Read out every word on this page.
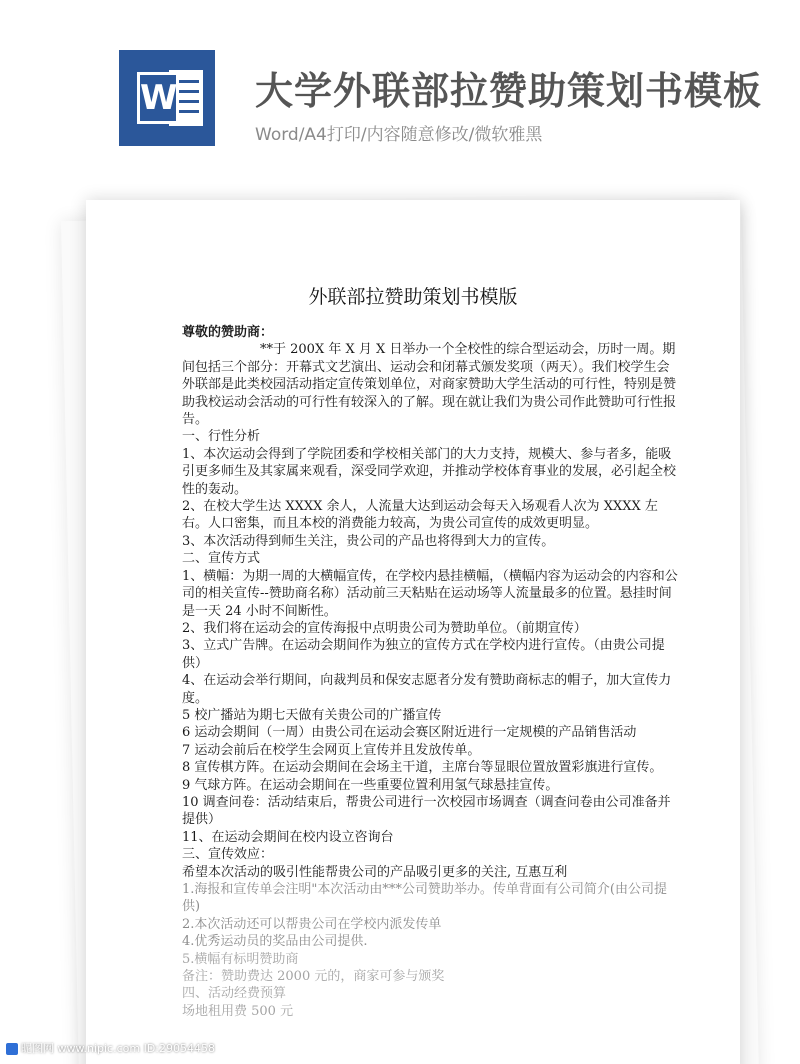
W 大学外联部拉赞助策划书模板
Word/A4打印/内容随意修改/微软雅黑
外联部拉赞助策划书模版

尊敬的赞助商：

**于 200X 年 X 月 X 日举办一个全校性的综合型运动会，历时一周。期间包括三个部分：开幕式文艺演出、运动会和闭幕式颁发奖项（两天）。我们校学生会外联部是此类校园活动指定宣传策划单位，对商家赞助大学生活动的可行性，特别是赞助我校运动会活动的可行性有较深入的了解。现在就让我们为贵公司作此赞助可行性报告。

一、行性分析

1、本次运动会得到了学院团委和学校相关部门的大力支持，规模大、参与者多，能吸引更多师生及其家属来观看，深受同学欢迎，并推动学校体育事业的发展，必引起全校性的轰动。

2、在校大学生达 XXXX 余人，人流量大达到运动会每天入场观看人次为 XXXX 左右。人口密集，而且本校的消费能力较高，为贵公司宣传的成效更明显。

3、本次活动得到师生关注，贵公司的产品也将得到大力的宣传。

二、宣传方式

1、横幅：为期一周的大横幅宣传，在学校内悬挂横幅，（横幅内容为运动会的内容和公司的相关宣传--赞助商名称）活动前三天粘贴在运动场等人流量最多的位置。悬挂时间是一天 24 小时不间断性。

2、我们将在运动会的宣传海报中点明贵公司为赞助单位。（前期宣传）

3、立式广告牌。在运动会期间作为独立的宣传方式在学校内进行宣传。（由贵公司提供）

4、在运动会举行期间，向裁判员和保安志愿者分发有赞助商标志的帽子，加大宣传力度。

5 校广播站为期七天做有关贵公司的广播宣传

6 运动会期间（一周）由贵公司在运动会赛区附近进行一定规模的产品销售活动

7 运动会前后在校学生会网页上宣传并且发放传单。

8 宣传棋方阵。在运动会期间在会场主干道，主席台等显眼位置放置彩旗进行宣传。

9 气球方阵。在运动会期间在一些重要位置利用氢气球悬挂宣传。

10 调查问卷：活动结束后，帮贵公司进行一次校园市场调查（调查问卷由公司准备并提供）

11、在运动会期间在校内设立咨询台

三、宣传效应：

希望本次活动的吸引性能帮贵公司的产品吸引更多的关注, 互惠互利

1.海报和宣传单会注明"本次活动由***公司赞助举办。传单背面有公司简介(由公司提供)

2.本次活动还可以帮贵公司在学校内派发传单

4.优秀运动员的奖品由公司提供.

5.横幅有标明赞助商

备注：赞助费达 2000 元的，商家可参与颁奖

四、活动经费预算

场地租用费 500 元

昵图网 www.nipic.com ID:29054458
